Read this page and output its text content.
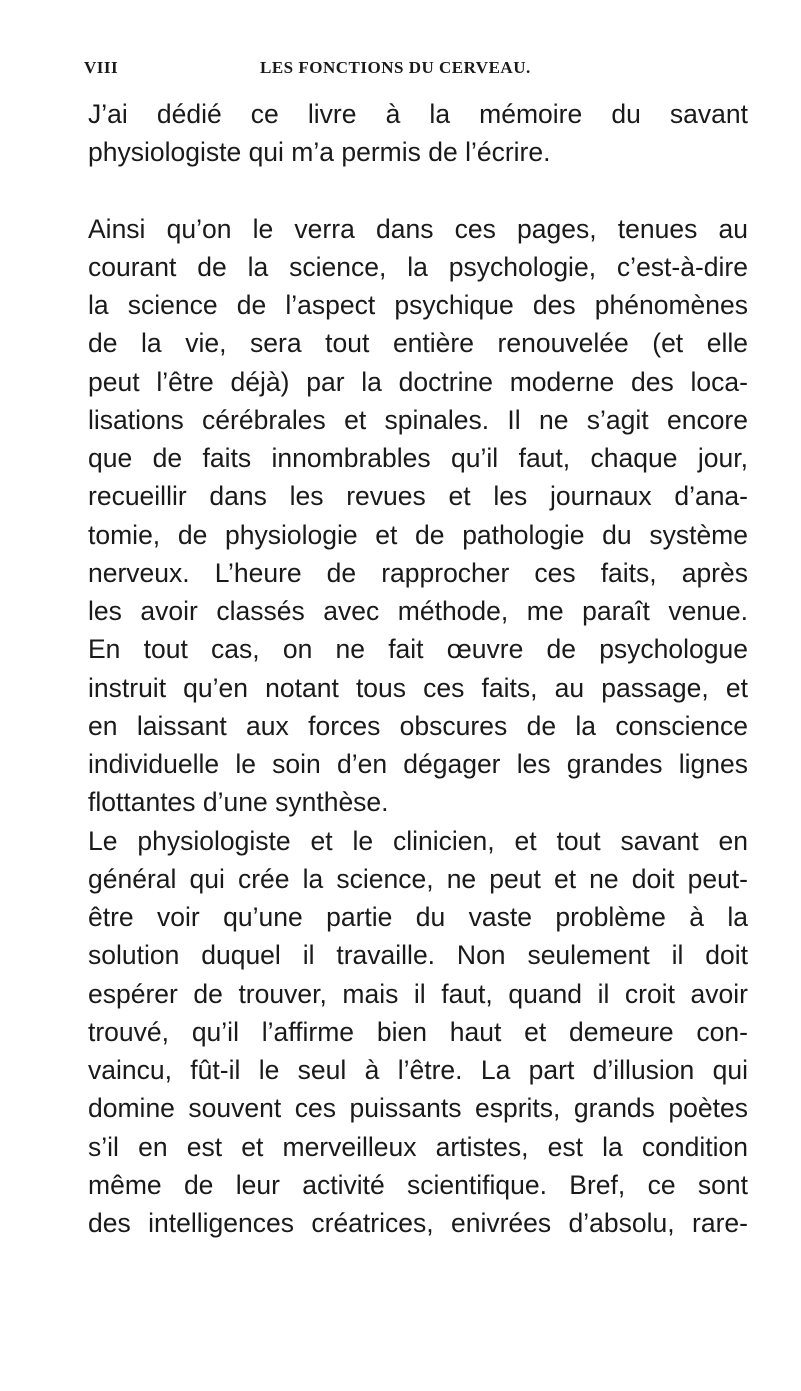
VIII	LES FONCTIONS DU CERVEAU.
J’ai dédié ce livre à la mémoire du savant
physiologiste qui m’a permis de l’écrire.
Ainsi qu’on le verra dans ces pages, tenues au
courant de la science, la psychologie, c’est-à-dire
la science de l’aspect psychique des phénomènes
de la vie, sera tout entière renouvelée (et elle
peut l’être déjà) par la doctrine moderne des loca-
lisations cérébrales et spinales. Il ne s’agit encore
que de faits innombrables qu’il faut, chaque jour,
recueillir dans les revues et les journaux d’ana-
tomie, de physiologie et de pathologie du système
nerveux. L’heure de rapprocher ces faits, après
les avoir classés avec méthode, me paraît venue.
En tout cas, on ne fait œuvre de psychologue
instruit qu’en notant tous ces faits, au passage, et
en laissant aux forces obscures de la conscience
individuelle le soin d’en dégager les grandes lignes
flottantes d’une synthèse.
Le physiologiste et le clinicien, et tout savant en
général qui crée la science, ne peut et ne doit peut-
être voir qu’une partie du vaste problème à la
solution duquel il travaille. Non seulement il doit
espérer de trouver, mais il faut, quand il croit avoir
trouvé, qu’il l’affirme bien haut et demeure con-
vaincu, fût-il le seul à l’être. La part d’illusion qui
domine souvent ces puissants esprits, grands poètes
s’il en est et merveilleux artistes, est la condition
même de leur activité scientifique. Bref, ce sont
des intelligences créatrices, enivrées d’absolu, rare-
